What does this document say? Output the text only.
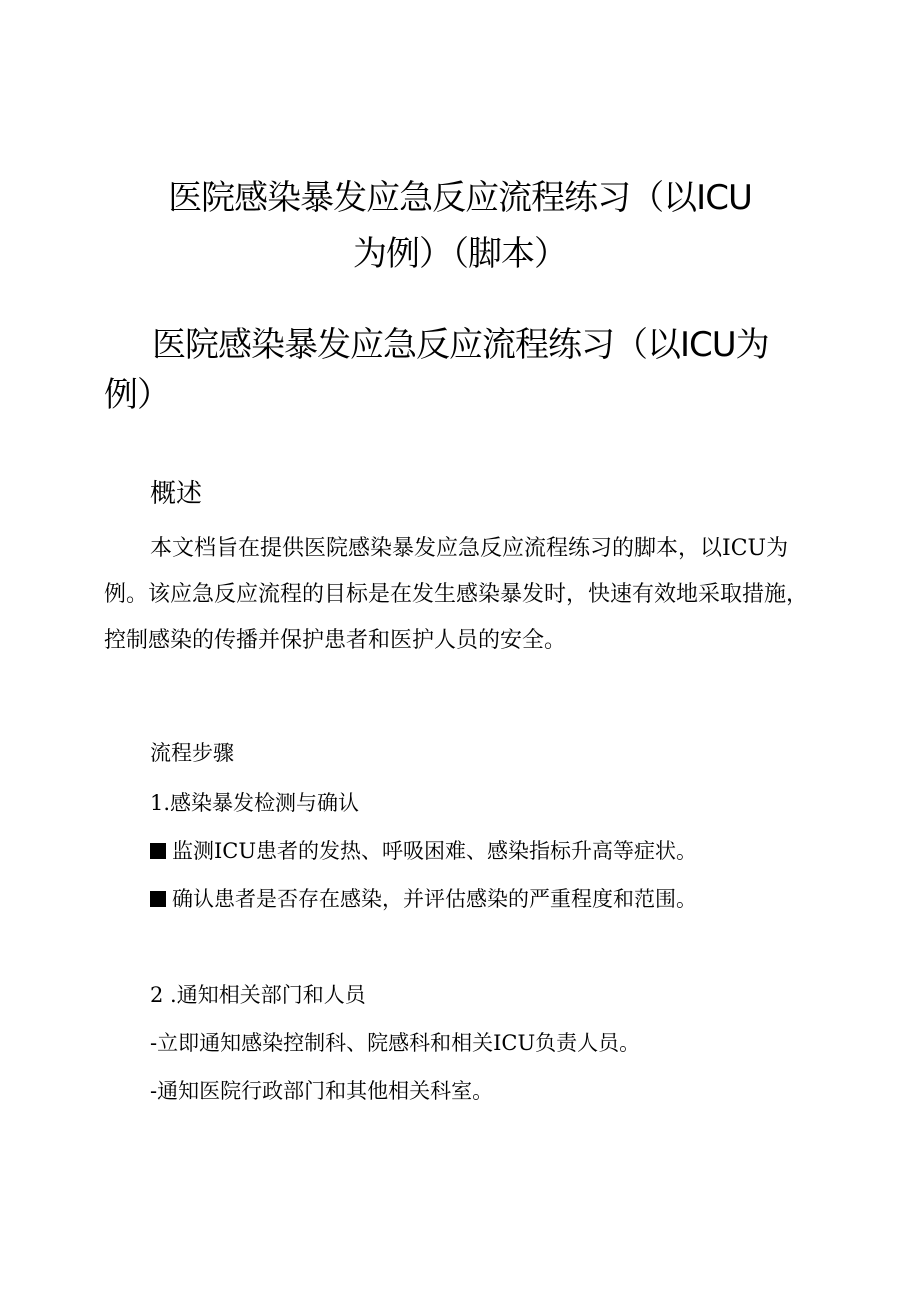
医院感染暴发应急反应流程练习（以ICU
为例）（脚本）
医院感染暴发应急反应流程练习（以ICU为
例）
概述

本文档旨在提供医院感染暴发应急反应流程练习的脚本，以ICU为
例。该应急反应流程的目标是在发生感染暴发时，快速有效地采取措施，
控制感染的传播并保护患者和医护人员的安全。

流程步骤
1.感染暴发检测与确认
监测ICU患者的发热、呼吸困难、感染指标升高等症状。
确认患者是否存在感染，并评估感染的严重程度和范围。
2 .通知相关部门和人员
-立即通知感染控制科、院感科和相关ICU负责人员。
-通知医院行政部门和其他相关科室。
